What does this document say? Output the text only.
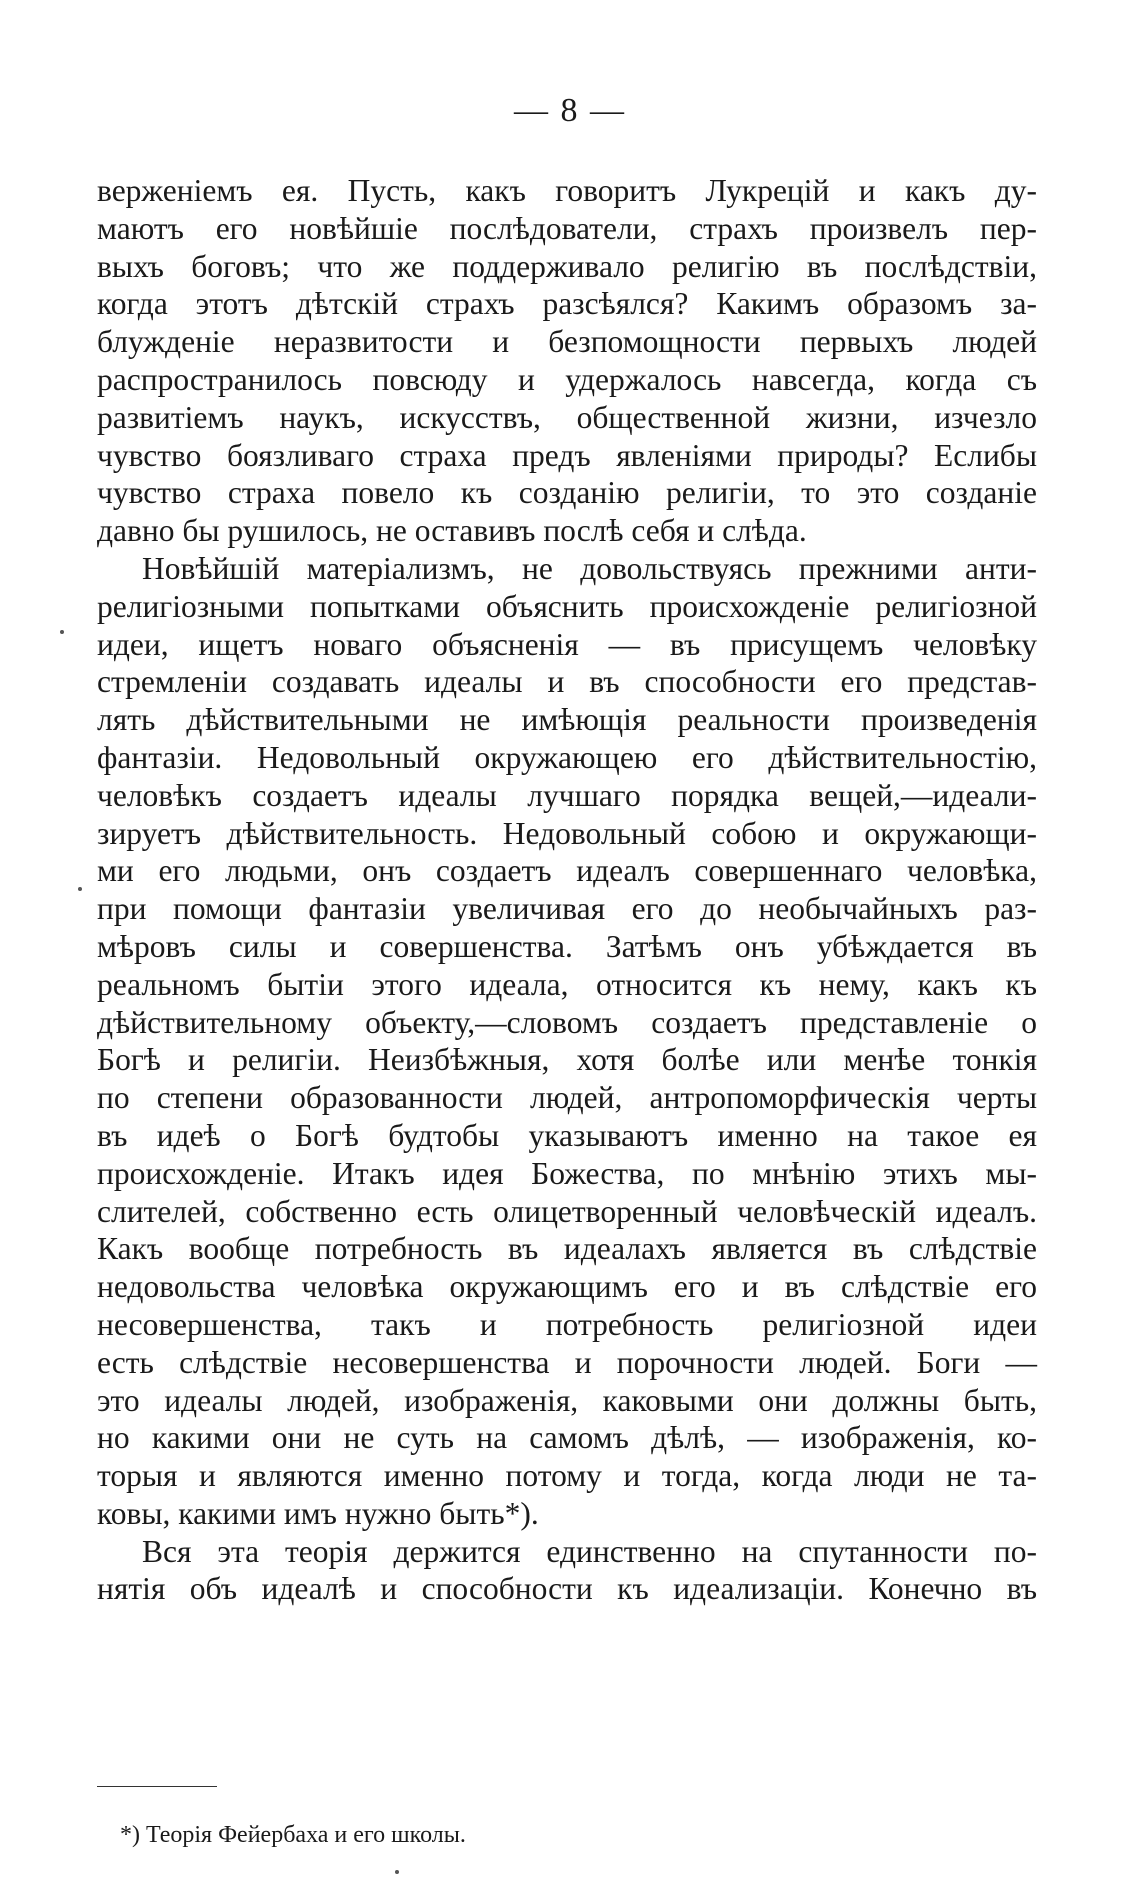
— 8 —

верженіемъ ея. Пусть, какъ говоритъ Лукрецій и какъ ду-
маютъ его новѣйшіе послѣдователи, страхъ произвелъ пер-
выхъ боговъ; что же поддерживало религію въ послѣдствіи,
когда этотъ дѣтскій страхъ разсѣялся? Какимъ образомъ за-
блужденіе неразвитости и безпомощности первыхъ людей
распространилось повсюду и удержалось навсегда, когда съ
развитіемъ наукъ, искусствъ, общественной жизни, изчезло
чувство боязливаго страха предъ явленіями природы? Еслибы
чувство страха повело къ созданію религіи, то это созданіе
давно бы рушилось, не оставивъ послѣ себя и слѣда.

Новѣйшій матеріализмъ, не довольствуясь прежними анти-
религіозными попытками объяснить происхожденіе религіозной
идеи, ищетъ новаго объясненія — въ присущемъ человѣку
стремленіи создавать идеалы и въ способности его представ-
лять дѣйствительными не имѣющія реальности произведенія
фантазіи. Недовольный окружающею его дѣйствительностію,
человѣкъ создаетъ идеалы лучшаго порядка вещей,—идеали-
зируетъ дѣйствительность. Недовольный собою и окружающи-
ми его людьми, онъ создаетъ идеалъ совершеннаго человѣка,
при помощи фантазіи увеличивая его до необычайныхъ раз-
мѣровъ силы и совершенства. Затѣмъ онъ убѣждается въ
реальномъ бытіи этого идеала, относится къ нему, какъ къ
дѣйствительному объекту,—словомъ создаетъ представленіе о
Богѣ и религіи. Неизбѣжныя, хотя болѣе или менѣе тонкія
по степени образованности людей, антропоморфическія черты
въ идеѣ о Богѣ будтобы указываютъ именно на такое ея
происхожденіе. Итакъ идея Божества, по мнѣнію этихъ мы-
слителей, собственно есть олицетворенный человѣческій идеалъ.
Какъ вообще потребность въ идеалахъ является въ слѣдствіе
недовольства человѣка окружающимъ его и въ слѣдствіе его
несовершенства, такъ и потребность религіозной идеи
есть слѣдствіе несовершенства и порочности людей. Боги —
это идеалы людей, изображенія, каковыми они должны быть,
но какими они не суть на самомъ дѣлѣ, — изображенія, ко-
торыя и являются именно потому и тогда, когда люди не та-
ковы, какими имъ нужно быть*).

Вся эта теорія держится единственно на спутанности по-
нятія объ идеалѣ и способности къ идеализаціи. Конечно въ

*) Теорія Фейербаха и его школы.
